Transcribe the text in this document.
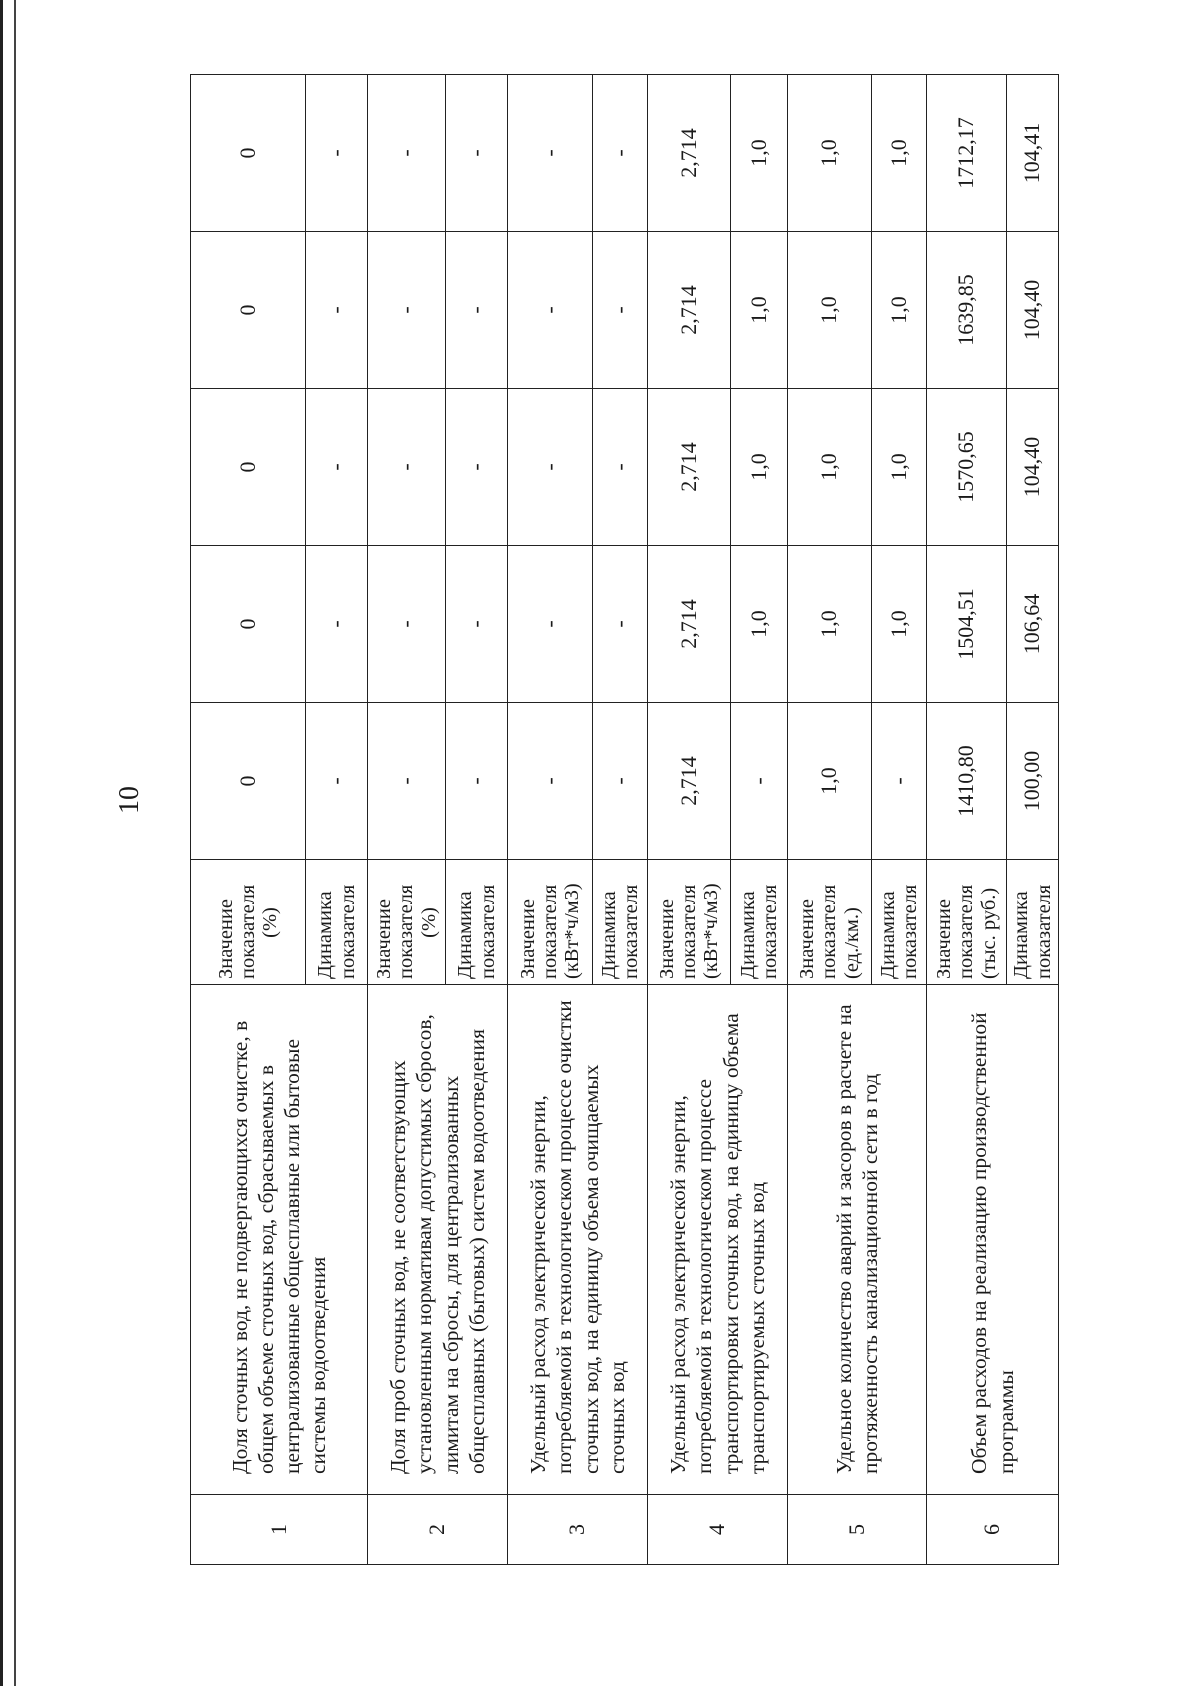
10
1	Доля сточных вод, не подвергающихся очистке, в общем объеме сточных вод, сбрасываемых в централизованные общесплавные или бытовые системы водоотведения	Значение показателя (%)	0	0	0	0	0

		Динамика показателя	-	-	-	-	-
2	Доля проб сточных вод, не соответствующих установленным нормативам допустимых сбросов, лимитам на сбросы, для централизованных общесплавных (бытовых) систем водоотведения	Значение показателя (%)	-	-	-	-	-

		Динамика показателя	-	-	-	-	-
3	Удельный расход электрической энергии, потребляемой в технологическом процессе очистки сточных вод, на единицу объема очищаемых сточных вод	Значение показателя (кВт*ч/м3)	-	-	-	-	-

		Динамика показателя	-	-	-	-	-
4	Удельный расход электрической энергии, потребляемой в технологическом процессе транспортировки сточных вод, на единицу объема транспортируемых сточных вод	Значение показателя (кВт*ч/м3)	2,714	2,714	2,714	2,714	2,714

		Динамика показателя	-	1,0	1,0	1,0	1,0
5	Удельное количество аварий и засоров в расчете на протяженность канализационной сети в год	Значение показателя (ед./км.)	1,0	1,0	1,0	1,0	1,0

		Динамика показателя	-	1,0	1,0	1,0	1,0
6	Объем расходов на реализацию производственной программы	Значение показателя (тыс. руб.)	1410,80	1504,51	1570,65	1639,85	1712,17

		Динамика показателя	100,00	106,64	104,40	104,40	104,41
